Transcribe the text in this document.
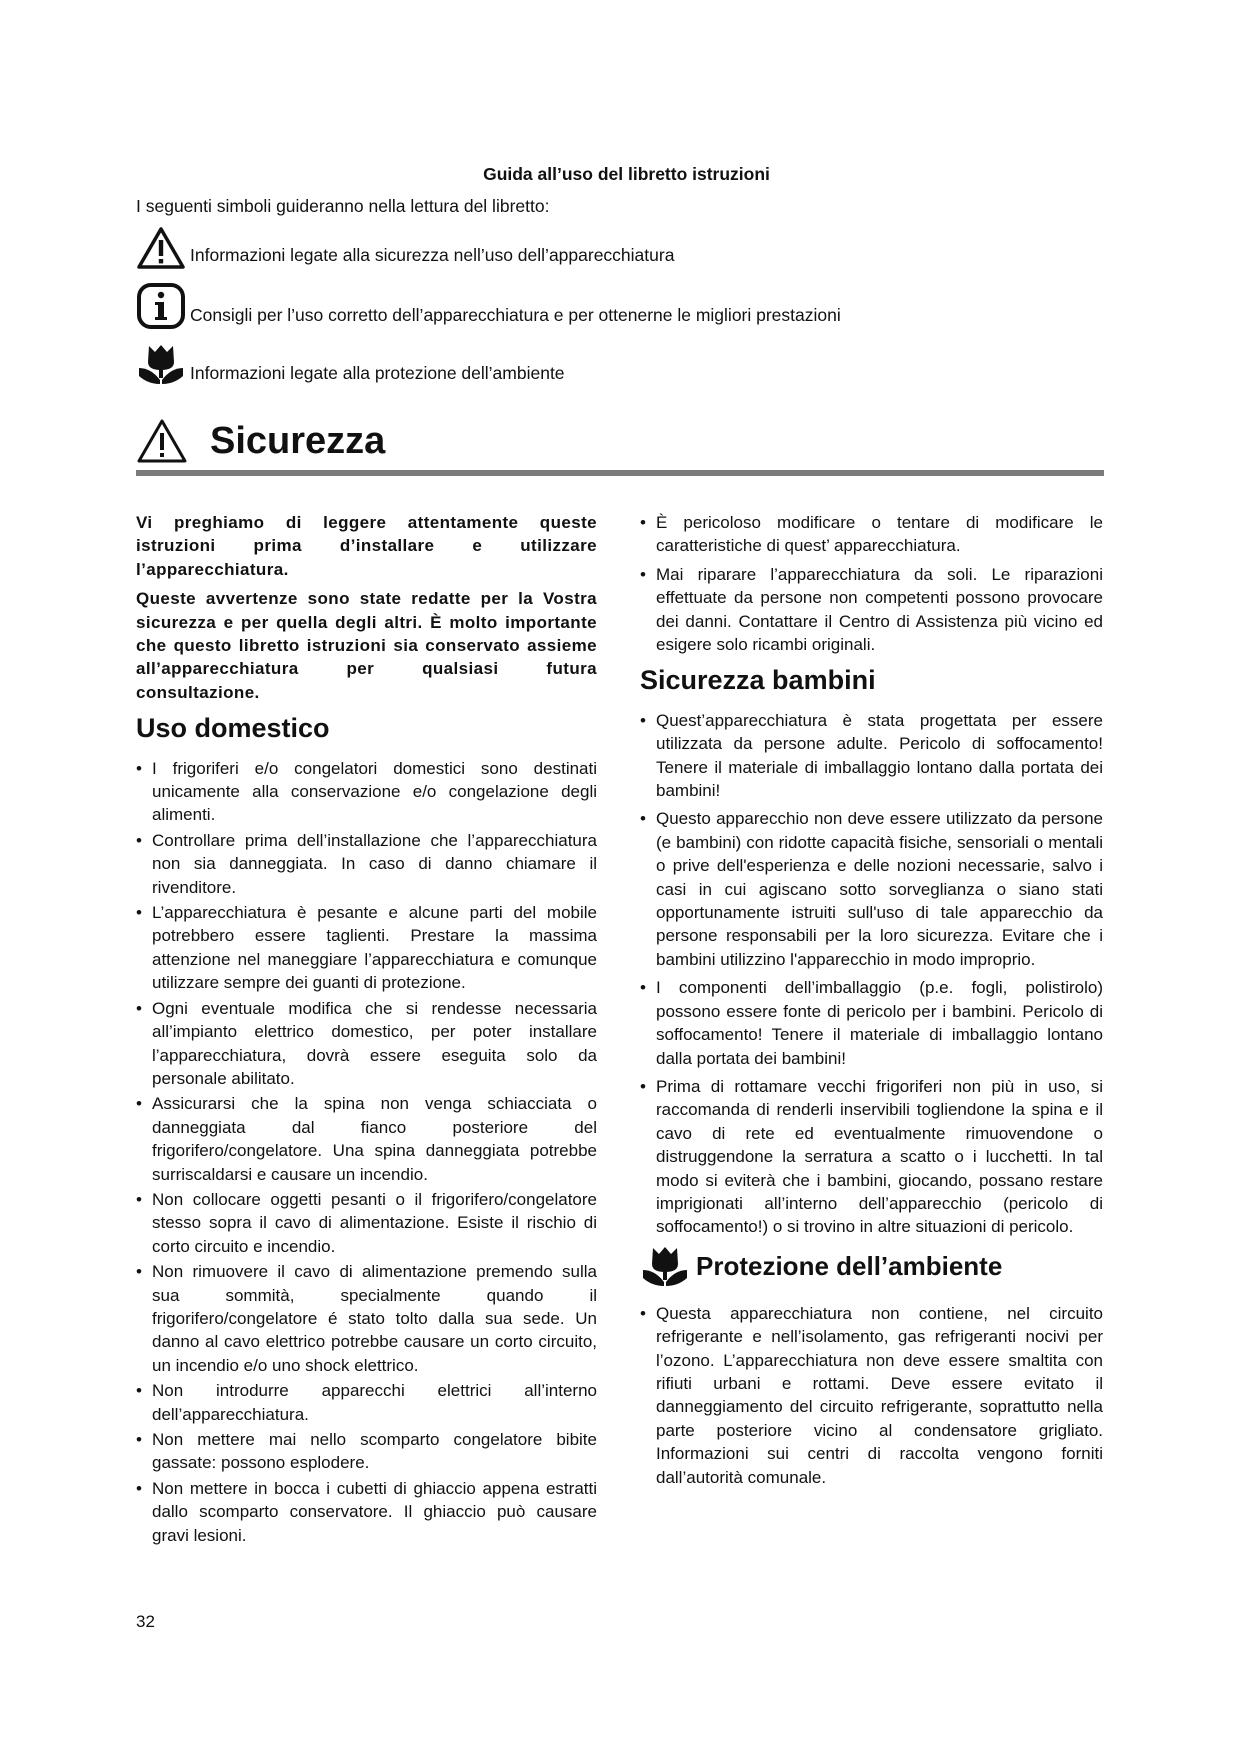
Guida all’uso del libretto istruzioni
I seguenti simboli guideranno nella lettura del libretto:
Informazioni legate alla sicurezza nell’uso dell’apparecchiatura
Consigli per l’uso corretto dell’apparecchiatura e per ottenerne le migliori prestazioni
Informazioni legate alla protezione dell’ambiente
Sicurezza

Vi preghiamo di leggere attentamente queste istruzioni prima d’installare e utilizzare l’apparecchiatura.

Queste avvertenze sono state redatte per la Vostra sicurezza e per quella degli altri. È molto importante che questo libretto istruzioni sia conservato assieme all’apparecchiatura per qualsiasi futura consultazione.

Uso domestico
• I frigoriferi e/o congelatori domestici sono destinati unicamente alla conservazione e/o congelazione degli alimenti.
• Controllare prima dell’installazione che l’apparecchiatura non sia danneggiata. In caso di danno chiamare il rivenditore.
• L’apparecchiatura è pesante e alcune parti del mobile potrebbero essere taglienti. Prestare la massima attenzione nel maneggiare l’apparecchiatura e comunque utilizzare sempre dei guanti di protezione.
• Ogni eventuale modifica che si rendesse necessaria all’impianto elettrico domestico, per poter installare l’apparecchiatura, dovrà essere eseguita solo da personale abilitato.
• Assicurarsi che la spina non venga schiacciata o danneggiata dal fianco posteriore del frigorifero/congelatore. Una spina danneggiata potrebbe surriscaldarsi e causare un incendio.
• Non collocare oggetti pesanti o il frigorifero/congelatore stesso sopra il cavo di alimentazione. Esiste il rischio di corto circuito e incendio.
• Non rimuovere il cavo di alimentazione premendo sulla sua sommità, specialmente quando il frigorifero/congelatore é stato tolto dalla sua sede. Un danno al cavo elettrico potrebbe causare un corto circuito, un incendio e/o uno shock elettrico.
• Non introdurre apparecchi elettrici all’interno dell’apparecchiatura.
• Non mettere mai nello scomparto congelatore bibite gassate: possono esplodere.
• Non mettere in bocca i cubetti di ghiaccio appena estratti dallo scomparto conservatore. Il ghiaccio può causare gravi lesioni.
• È pericoloso modificare o tentare di modificare le caratteristiche di quest’ apparecchiatura.
• Mai riparare l’apparecchiatura da soli. Le riparazioni effettuate da persone non competenti possono provocare dei danni. Contattare il Centro di Assistenza più vicino ed esigere solo ricambi originali.
Sicurezza bambini
• Quest’apparecchiatura è stata progettata per essere utilizzata da persone adulte. Pericolo di soffocamento! Tenere il materiale di imballaggio lontano dalla portata dei bambini!
• Questo apparecchio non deve essere utilizzato da persone (e bambini) con ridotte capacità fisiche, sensoriali o mentali o prive dell'esperienza e delle nozioni necessarie, salvo i casi in cui agiscano sotto sorveglianza o siano stati opportunamente istruiti sull'uso di tale apparecchio da persone responsabili per la loro sicurezza. Evitare che i bambini utilizzino l'apparecchio in modo improprio.
• I componenti dell’imballaggio (p.e. fogli, polistirolo) possono essere fonte di pericolo per i bambini. Pericolo di soffocamento! Tenere il materiale di imballaggio lontano dalla portata dei bambini!
• Prima di rottamare vecchi frigoriferi non più in uso, si raccomanda di renderli inservibili togliendone la spina e il cavo di rete ed eventualmente rimuovendone o distruggendone la serratura a scatto o i lucchetti. In tal modo si eviterà che i bambini, giocando, possano restare imprigionati all’interno dell’apparecchio (pericolo di soffocamento!) o si trovino in altre situazioni di pericolo.
Protezione dell’ambiente
• Questa apparecchiatura non contiene, nel circuito refrigerante e nell’isolamento, gas refrigeranti nocivi per l’ozono. L’apparecchiatura non deve essere smaltita con rifiuti urbani e rottami. Deve essere evitato il danneggiamento del circuito refrigerante, soprattutto nella parte posteriore vicino al condensatore grigliato. Informazioni sui centri di raccolta vengono forniti dall’autorità comunale.
32
